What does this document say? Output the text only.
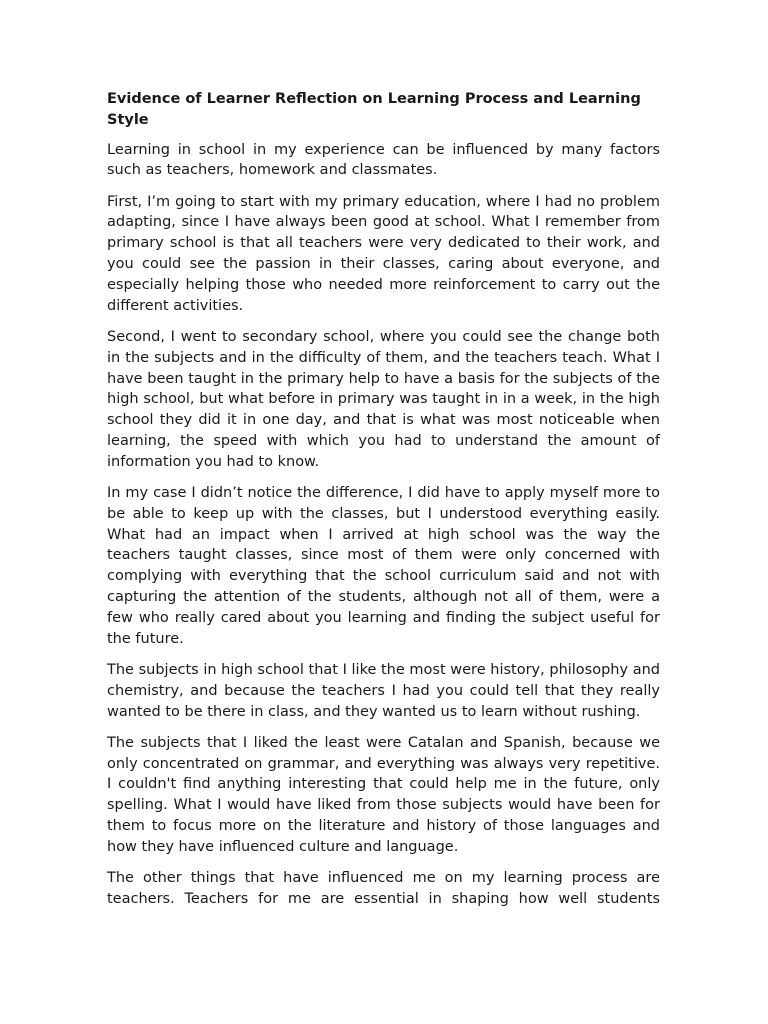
Evidence of Learner Reflection on Learning Process and Learning Style

Learning in school in my experience can be influenced by many factors such as teachers, homework and classmates.

First, I’m going to start with my primary education, where I had no problem adapting, since I have always been good at school. What I remember from primary school is that all teachers were very dedicated to their work, and you could see the passion in their classes, caring about everyone, and especially helping those who needed more reinforcement to carry out the different activities.

Second, I went to secondary school, where you could see the change both in the subjects and in the difficulty of them, and the teachers teach. What I have been taught in the primary help to have a basis for the subjects of the high school, but what before in primary was taught in in a week, in the high school they did it in one day, and that is what was most noticeable when learning, the speed with which you had to understand the amount of information you had to know.

In my case I didn’t notice the difference, I did have to apply myself more to be able to keep up with the classes, but I understood everything easily. What had an impact when I arrived at high school was the way the teachers taught classes, since most of them were only concerned with complying with everything that the school curriculum said and not with capturing the attention of the students, although not all of them, were a few who really cared about you learning and finding the subject useful for the future.

The subjects in high school that I like the most were history, philosophy and chemistry, and because the teachers I had you could tell that they really wanted to be there in class, and they wanted us to learn without rushing.

The subjects that I liked the least were Catalan and Spanish, because we only concentrated on grammar, and everything was always very repetitive. I couldn't find anything interesting that could help me in the future, only spelling. What I would have liked from those subjects would have been for them to focus more on the literature and history of those languages and how they have influenced culture and language.

The other things that have influenced me on my learning process are teachers. Teachers for me are essential in shaping how well students
